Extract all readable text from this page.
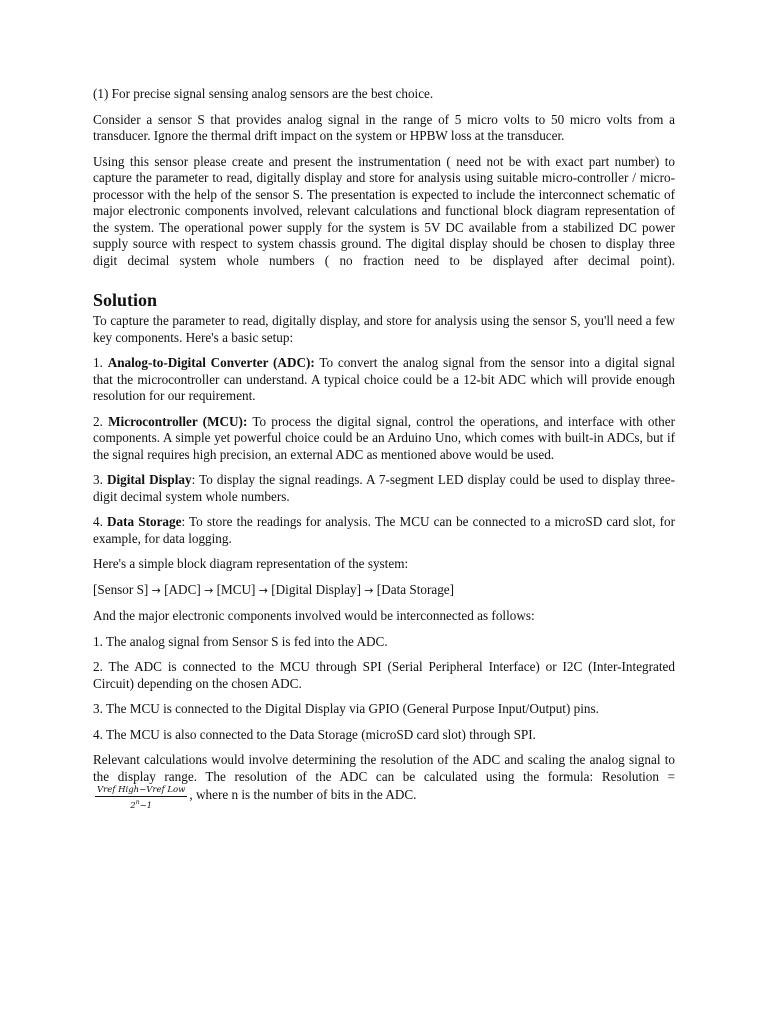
(1) For precise signal sensing analog sensors are the best choice.

Consider a sensor S that provides analog signal in the range of 5 micro volts to 50 micro volts from a transducer. Ignore the thermal drift impact on the system or HPBW loss at the transducer.

Using this sensor please create and present the instrumentation ( need not be with exact part number) to capture the parameter to read, digitally display and store for analysis using suitable micro-controller / micro-processor with the help of the sensor S. The presentation is expected to include the interconnect schematic of major electronic components involved, relevant calculations and functional block diagram representation of the system. The operational power supply for the system is 5V DC available from a stabilized DC power supply source with respect to system chassis ground. The digital display should be chosen to display three digit decimal system whole numbers ( no fraction need to be displayed after decimal point).

Solution

To capture the parameter to read, digitally display, and store for analysis using the sensor S, you'll need a few key components. Here's a basic setup:

1. Analog-to-Digital Converter (ADC): To convert the analog signal from the sensor into a digital signal that the microcontroller can understand. A typical choice could be a 12-bit ADC which will provide enough resolution for our requirement.

2. Microcontroller (MCU): To process the digital signal, control the operations, and interface with other components. A simple yet powerful choice could be an Arduino Uno, which comes with built-in ADCs, but if the signal requires high precision, an external ADC as mentioned above would be used.

3. Digital Display: To display the signal readings. A 7-segment LED display could be used to display three-digit decimal system whole numbers.

4. Data Storage: To store the readings for analysis. The MCU can be connected to a microSD card slot, for example, for data logging.

Here's a simple block diagram representation of the system:

[Sensor S] → [ADC] → [MCU] → [Digital Display] → [Data Storage]

And the major electronic components involved would be interconnected as follows:

1. The analog signal from Sensor S is fed into the ADC.

2. The ADC is connected to the MCU through SPI (Serial Peripheral Interface) or I2C (Inter-Integrated Circuit) depending on the chosen ADC.

3. The MCU is connected to the Digital Display via GPIO (General Purpose Input/Output) pins.

4. The MCU is also connected to the Data Storage (microSD card slot) through SPI.

Relevant calculations would involve determining the resolution of the ADC and scaling the analog signal to the display range. The resolution of the ADC can be calculated using the formula: Resolution =
$\frac{\text{Vref High−Vref Low}}{2^n-1}$ , where n is the number of bits in the ADC.
